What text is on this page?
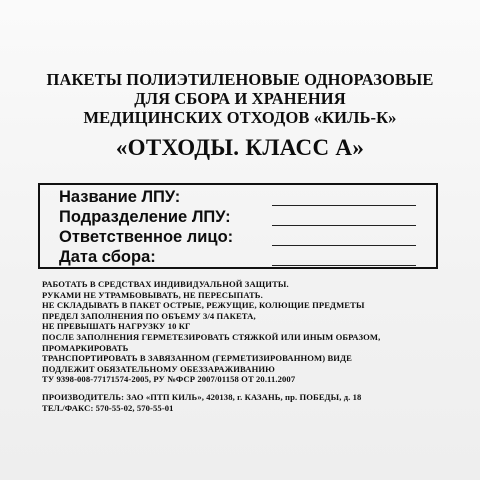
ПАКЕТЫ ПОЛИЭТИЛЕНОВЫЕ ОДНОРАЗОВЫЕ
ДЛЯ СБОРА И ХРАНЕНИЯ
МЕДИЦИНСКИХ ОТХОДОВ «КИЛЬ-К»
«ОТХОДЫ. КЛАСС А»
Название ЛПУ:
Подразделение ЛПУ:
Ответственное лицо:
Дата сбора:
РАБОТАТЬ В СРЕДСТВАХ ИНДИВИДУАЛЬНОЙ ЗАЩИТЫ.
РУКАМИ НЕ УТРАМБОВЫВАТЬ, НЕ ПЕРЕСЫПАТЬ.
НЕ СКЛАДЫВАТЬ В ПАКЕТ ОСТРЫЕ, РЕЖУЩИЕ, КОЛЮЩИЕ ПРЕДМЕТЫ
ПРЕДЕЛ ЗАПОЛНЕНИЯ ПО ОБЪЕМУ 3/4 ПАКЕТА,
НЕ ПРЕВЫШАТЬ НАГРУЗКУ 10 КГ
ПОСЛЕ ЗАПОЛНЕНИЯ ГЕРМЕТЕЗИРОВАТЬ СТЯЖКОЙ ИЛИ ИНЫМ ОБРАЗОМ,
ПРОМАРКИРОВАТЬ
ТРАНСПОРТИРОВАТЬ В ЗАВЯЗАННОМ (ГЕРМЕТИЗИРОВАННОМ) ВИДЕ
ПОДЛЕЖИТ ОБЯЗАТЕЛЬНОМУ ОБЕЗЗАРАЖИВАНИЮ
ТУ 9398-008-77171574-2005, РУ №ФСР 2007/01158 ОТ 20.11.2007
ПРОИЗВОДИТЕЛЬ: ЗАО «ПТП КИЛЬ», 420138, г. КАЗАНЬ, пр. ПОБЕДЫ, д. 18
ТЕЛ./ФАКС: 570-55-02, 570-55-01
